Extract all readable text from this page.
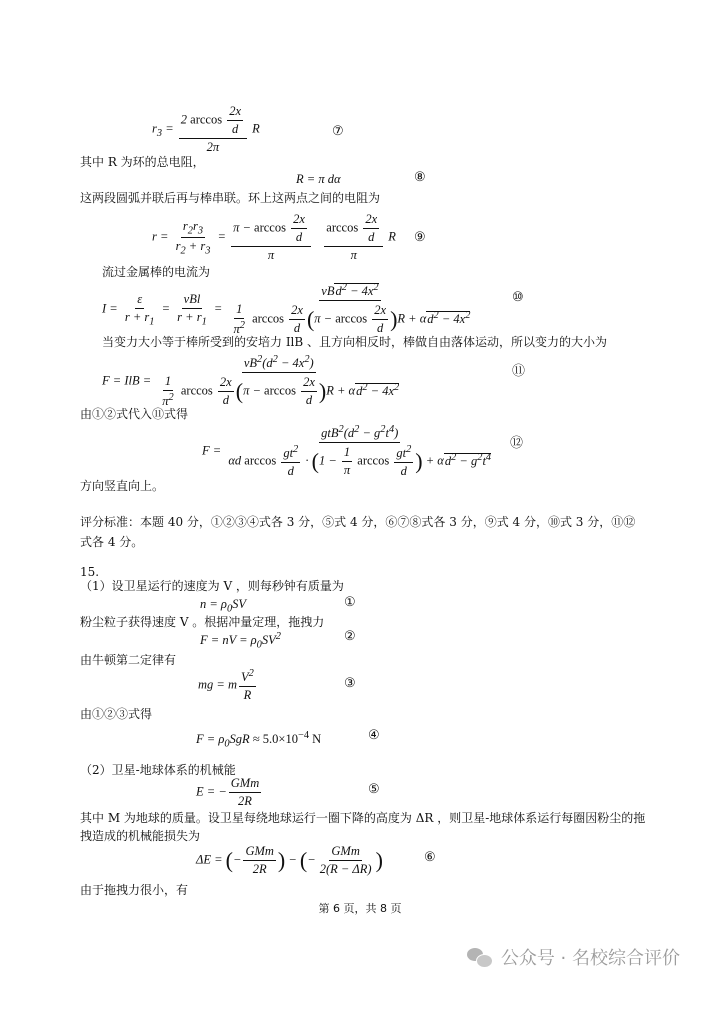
$r_3 = \frac{2 \arccos \frac{2x}{d}}{2\pi}$ R	⑦
其中 R 为环的总电阻，
R = π dα	⑧
这两段圆弧并联后再与棒串联。环上这两点之间的电阻为
$r = \frac{r_2r_3}{r_2 + r_3} = \frac{\pi - \arccos \frac{2x}{d}}{\pi}$
$\frac{\arccos \frac{2x}{d}}{\pi}$ R ⑨
流过金属棒的电流为
$I = \frac{\varepsilon}{r + r_1} = \frac{\text{vBl}}{r + r_1} = \frac{vBd^2 - 4x^2}{\frac{1}{\pi^2} \arccos \frac{2x}{d} (\pi - \arccos \frac{2x}{d} )R + \alpha d^2 - 4x^2}$	⑩
当变力大小等于棒所受到的安培力 IlB 、且方向相反时，棒做自由落体运动，所以变力的大小为
F = IlB = $\frac{vB^2(d^2 - 4x^2)}{\frac{1}{\pi^2} \arccos \frac{2x}{d} (\pi - \arccos \frac{2x}{d} )R + \alpha d^2 - 4x^2}$	⑪
由①②式代入⑪式得
$F = \frac{gtB^2(d^2 - g^2t^4)}{\alpha d \arccos \frac{gt^2}{d} \cdot (1 - \frac{1}{\pi} \arccos \frac{gt^2}{d} ) + \alpha d^2 - g^2t^4}$ ⑫
方向竖直向上。
评分标准：本题 40 分，①②③④式各 3 分，⑤式 4 分，⑥⑦⑧式各 3 分，⑨式 4 分，⑩式 3 分，⑪⑫
式各 4 分。
15.
（1）设卫星运行的速度为 V ，则每秒钟有质量为
$n = \rho_0SV$	①
粉尘粒子获得速度 V 。根据冲量定理，拖拽力
F = nV = $\rho_0SV^2$	②
由牛顿第二定律有
mg = m $\frac{V^2}{R}$	③
由①②③式得
$F = \rho_0SgR \approx 5.0\times 10^{-4}$ N	④
（2）卫星-地球体系的机械能
E = − $\frac{\text{GMm}}{2R}$	⑤
其中 M 为地球的质量。设卫星每绕地球运行一圈下降的高度为 ΔR ，则卫星-地球体系运行每圈因粉尘的拖
拽造成的机械能损失为
ΔE = (− $\frac{\text{GMm}}{2R}$ ) − (− $\frac{\text{GMm}}{2(R - \Delta R)}$ )	⑥
由于拖拽力很小，有
第 6 页，共 8 页
公众号 · 名校综合评价
